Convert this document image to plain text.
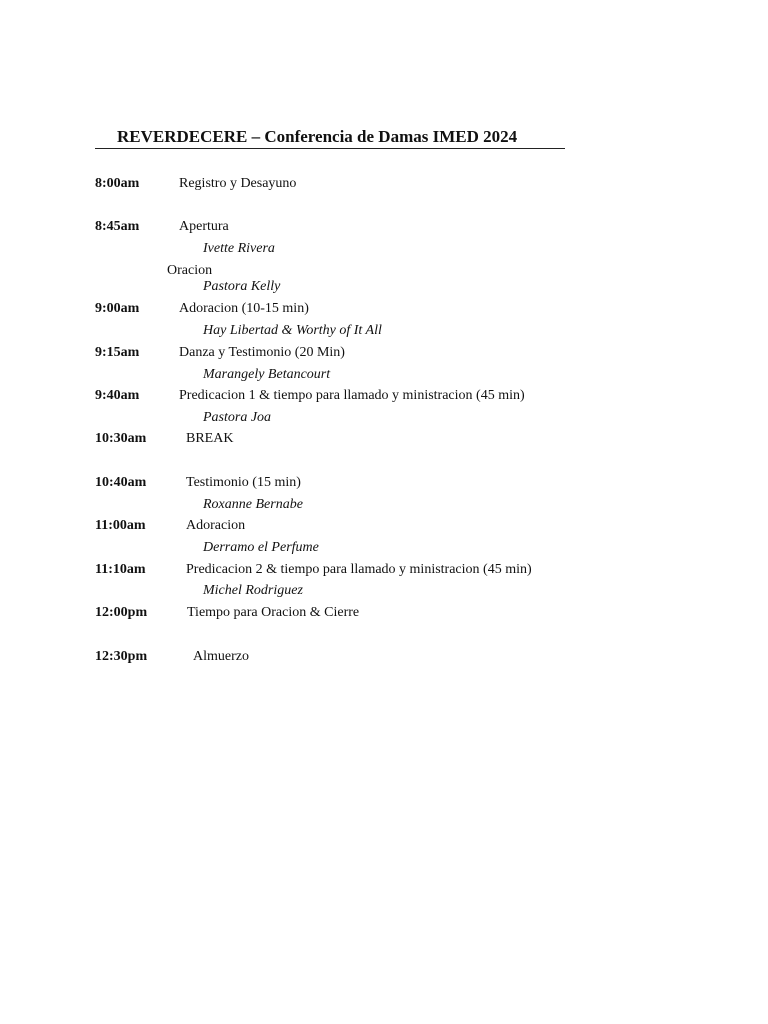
REVERDECERE – Conferencia de Damas IMED 2024
8:00am	Registro y Desayuno
8:45am	Apertura
Ivette Rivera
Oracion
Pastora Kelly
9:00am	Adoracion (10-15 min)
Hay Libertad & Worthy of It All
9:15am	Danza y Testimonio (20 Min)
Marangely Betancourt
9:40am	Predicacion 1 & tiempo para llamado y ministracion (45 min)
Pastora Joa
10:30am	BREAK
10:40am	Testimonio (15 min)
Roxanne Bernabe
11:00am	Adoracion
Derramo el Perfume
11:10am	Predicacion 2 & tiempo para llamado y ministracion (45 min)
Michel Rodriguez
12:00pm	Tiempo para Oracion & Cierre
12:30pm	Almuerzo
